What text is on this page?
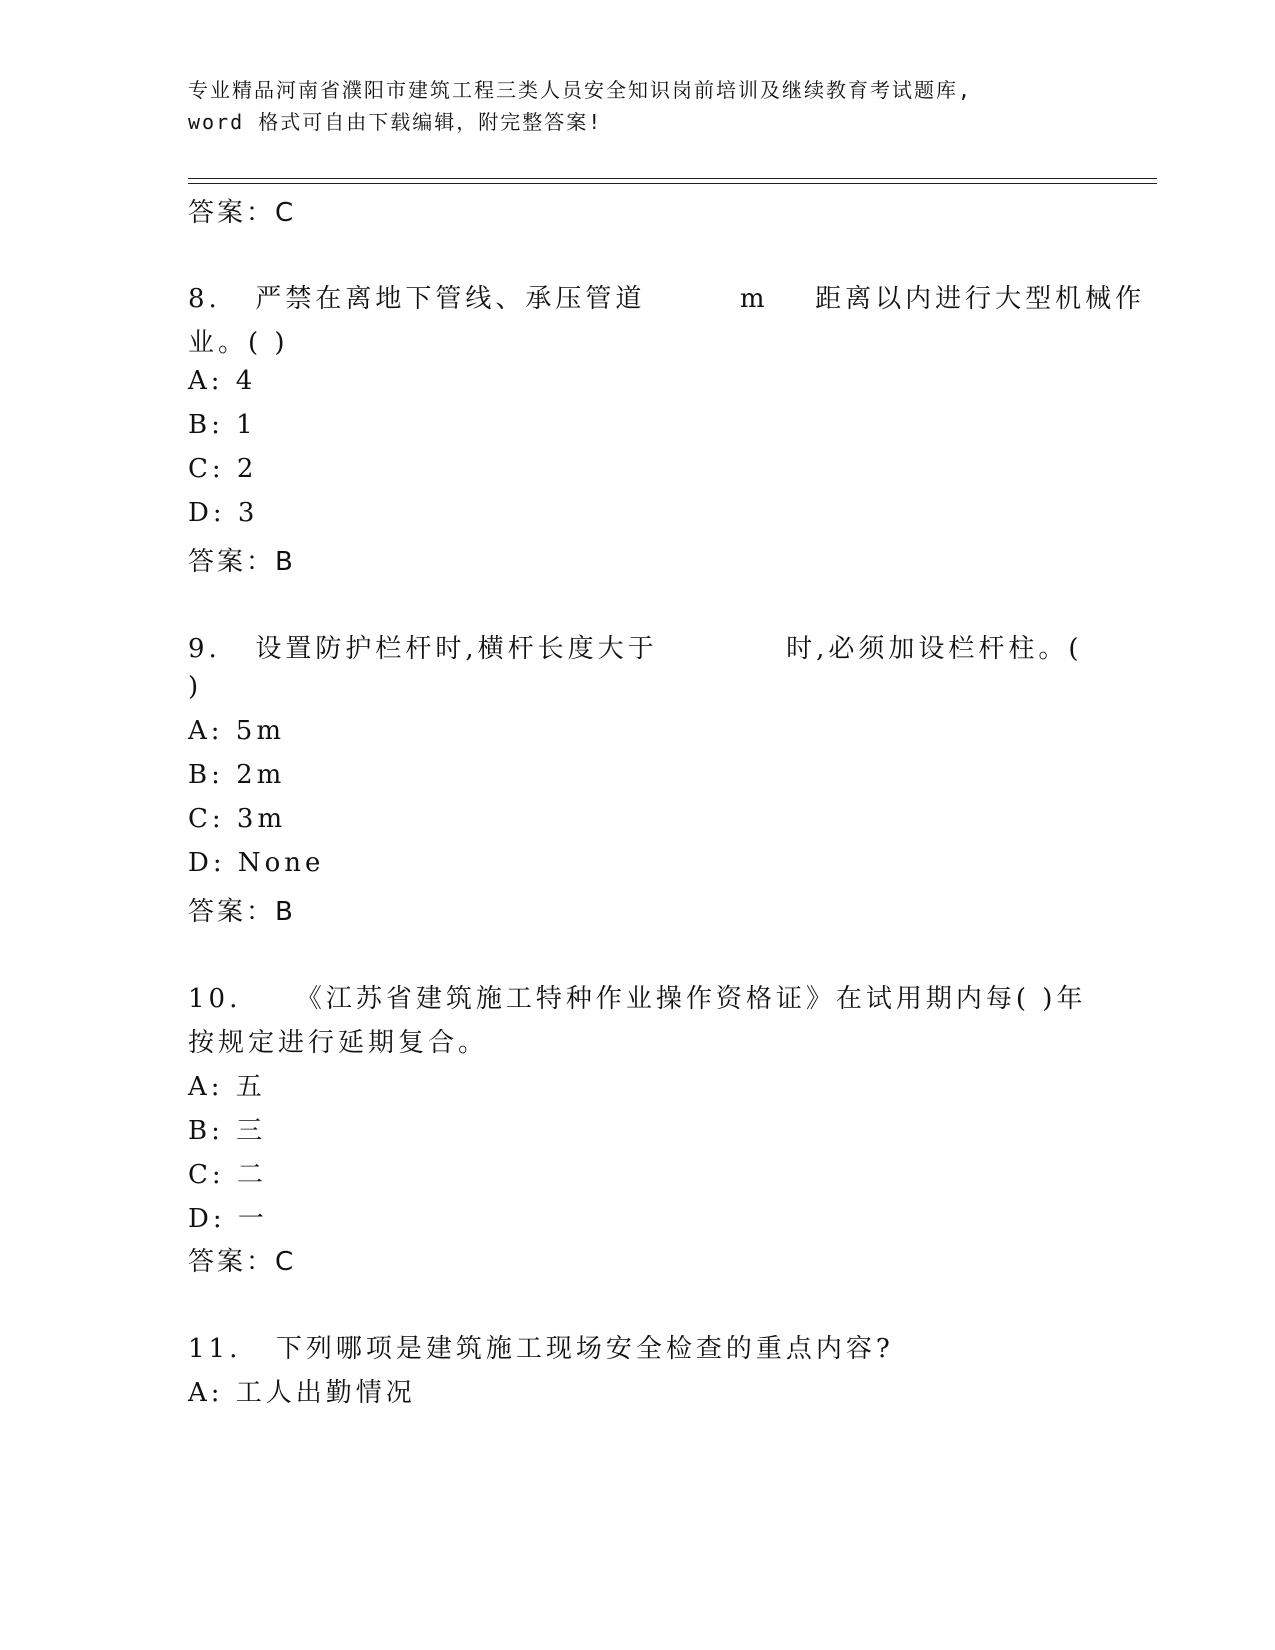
专业精品河南省濮阳市建筑工程三类人员安全知识岗前培训及继续教育考试题库,
word 格式可自由下载编辑，附完整答案!
答案：C
8. 严禁在离地下管线、承压管道	m 距离以内进行大型机械作
业。( )
A: 4
B: 1
C: 2
D: 3
答案：B
9. 设置防护栏杆时,横杆长度大于	时,必须加设栏杆柱。(
)
A: 5m
B: 2m
C: 3m
D: None
答案：B
10. 《江苏省建筑施工特种作业操作资格证》在试用期内每( )年
按规定进行延期复合。
A: 五
B: 三
C: 二
D: 一
答案：C
11. 下列哪项是建筑施工现场安全检查的重点内容?
A: 工人出勤情况
